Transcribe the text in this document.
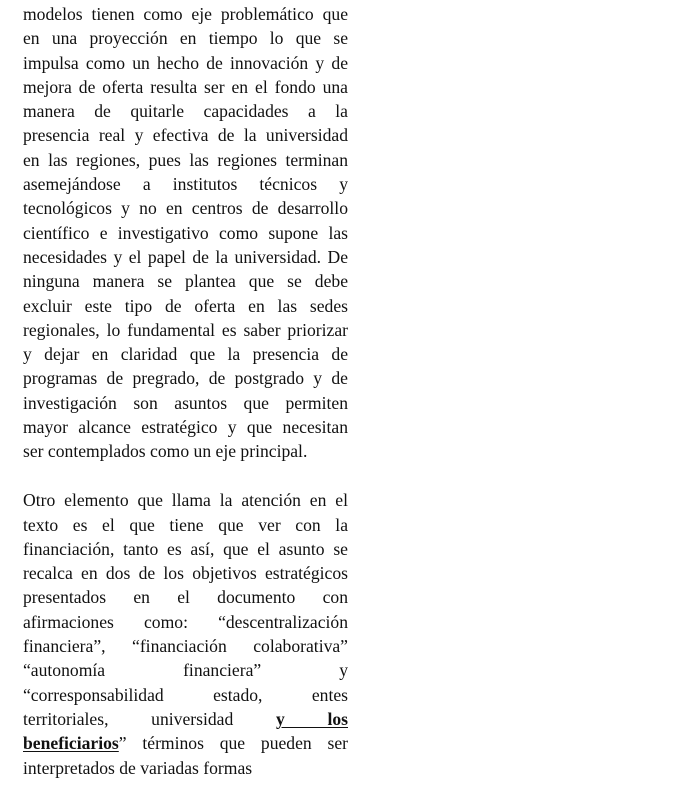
modelos tienen como eje problemático que
en una proyección en tiempo lo que se
impulsa como un hecho de innovación y de
mejora de oferta resulta ser en el fondo una
manera de quitarle capacidades a la
presencia real y efectiva de la universidad
en las regiones, pues las regiones terminan
asemejándose a institutos técnicos y
tecnológicos y no en centros de desarrollo
científico e investigativo como supone las
necesidades y el papel de la universidad. De
ninguna manera se plantea que se debe
excluir este tipo de oferta en las sedes
regionales, lo fundamental es saber priorizar
y dejar en claridad que la presencia de
programas de pregrado, de postgrado y de
investigación son asuntos que permiten
mayor alcance estratégico y que necesitan
ser contemplados como un eje principal.
Otro elemento que llama la atención en el
texto es el que tiene que ver con la
financiación, tanto es así, que el asunto se
recalca en dos de los objetivos estratégicos
presentados en el documento con
afirmaciones como: “descentralización
financiera”, “financiación colaborativa”
“autonomía financiera” y
“corresponsabilidad estado, entes
territoriales, universidad y los
beneficiarios” términos que pueden ser
interpretados de variadas formas
